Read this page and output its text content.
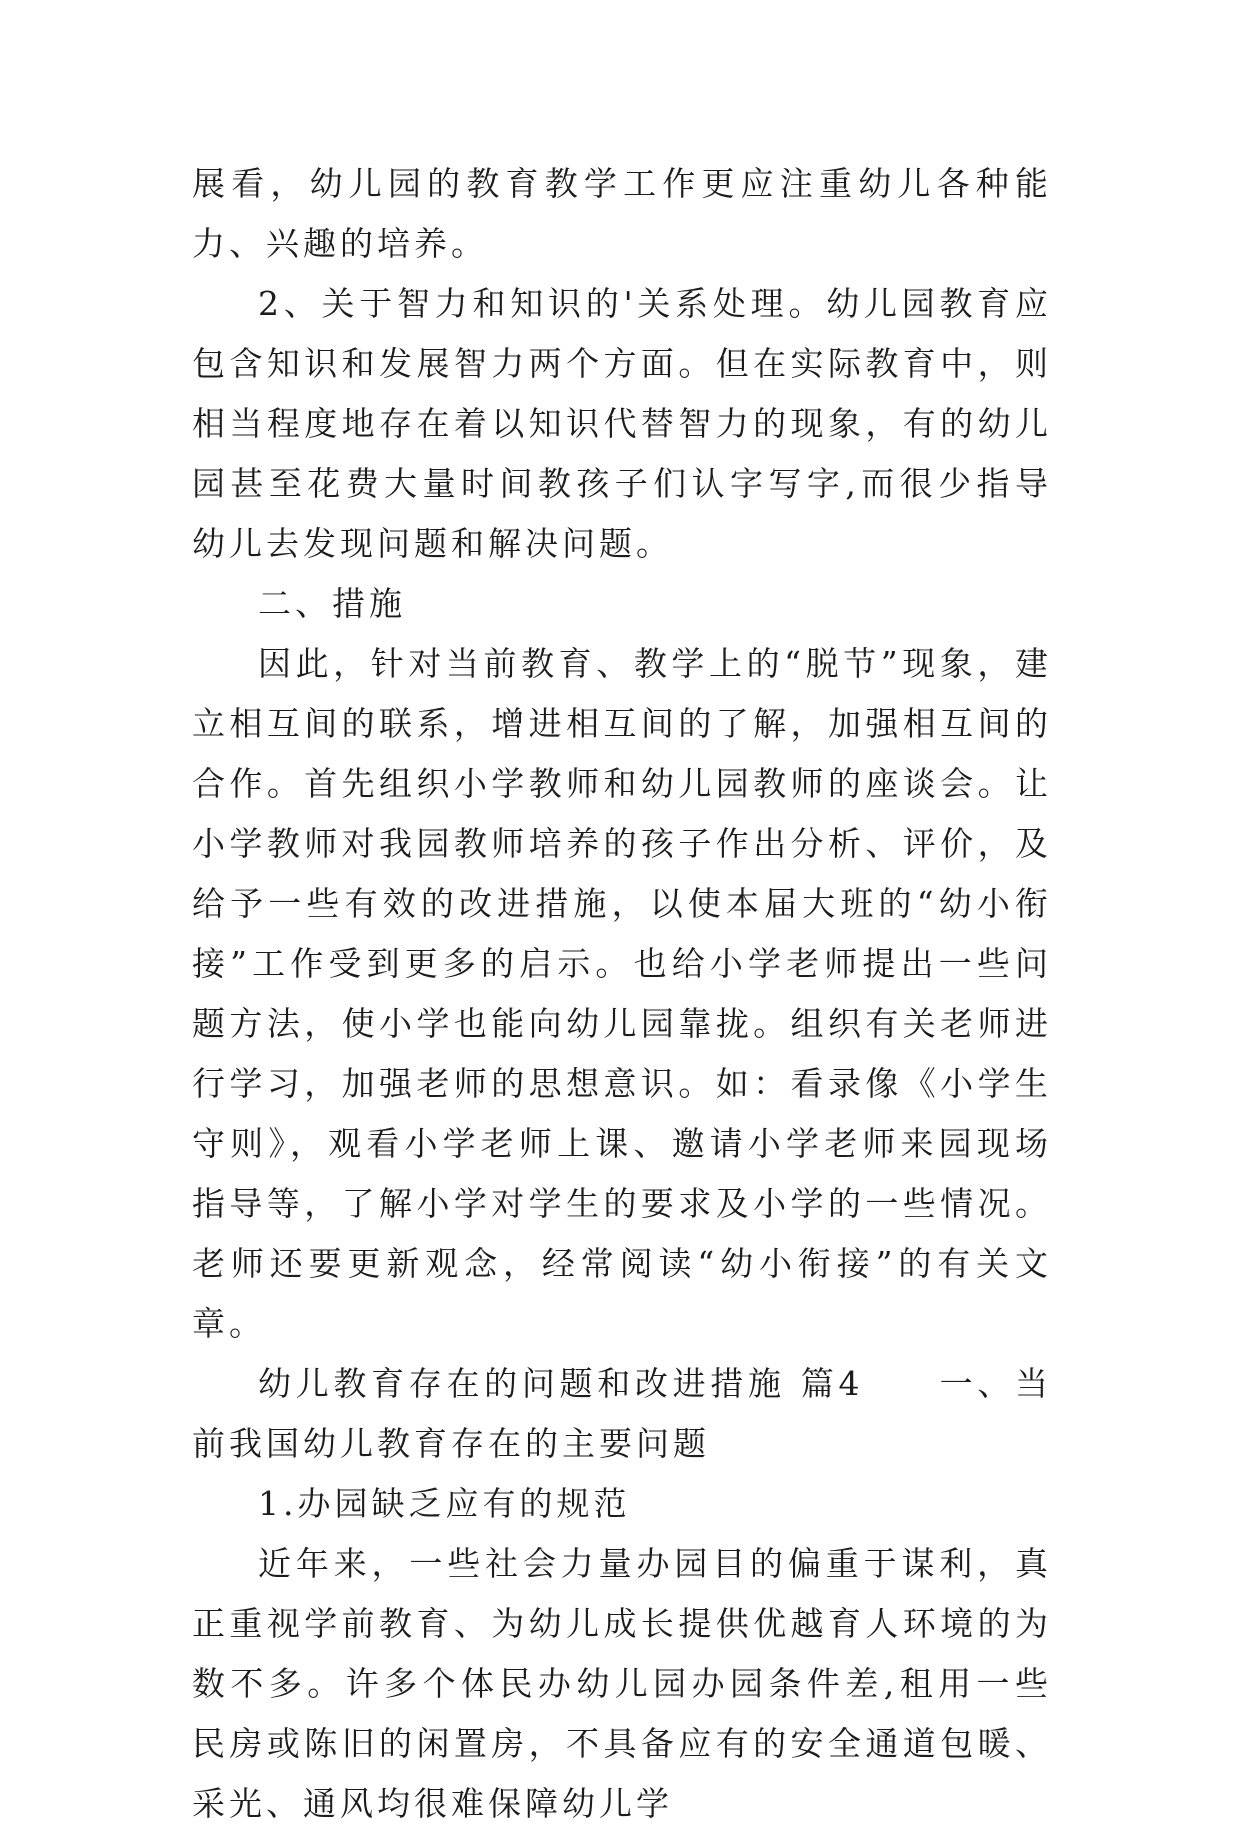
展看，幼儿园的教育教学工作更应注重幼儿各种能力、兴趣的培养。

2、关于智力和知识的'关系处理。幼儿园教育应包含知识和发展智力两个方面。但在实际教育中，则相当程度地存在着以知识代替智力的现象，有的幼儿园甚至花费大量时间教孩子们认字写字,而很少指导幼儿去发现问题和解决问题。

二、措施

因此，针对当前教育、教学上的“脱节”现象，建立相互间的联系，增进相互间的了解，加强相互间的合作。首先组织小学教师和幼儿园教师的座谈会。让小学教师对我园教师培养的孩子作出分析、评价，及给予一些有效的改进措施，以使本届大班的“幼小衔接”工作受到更多的启示。也给小学老师提出一些问题方法，使小学也能向幼儿园靠拢。组织有关老师进行学习，加强老师的思想意识。如：看录像《小学生守则》，观看小学老师上课、邀请小学老师来园现场指导等，了解小学对学生的要求及小学的一些情况。老师还要更新观念，经常阅读“幼小衔接”的有关文章。

幼儿教育存在的问题和改进措施 篇4　　一、当前我国幼儿教育存在的主要问题

1.办园缺乏应有的规范

近年来，一些社会力量办园目的偏重于谋利，真正重视学前教育、为幼儿成长提供优越育人环境的为数不多。许多个体民办幼儿园办园条件差,租用一些民房或陈旧的闲置房，不具备应有的安全通道包暖、采光、通风均很难保障幼儿学
